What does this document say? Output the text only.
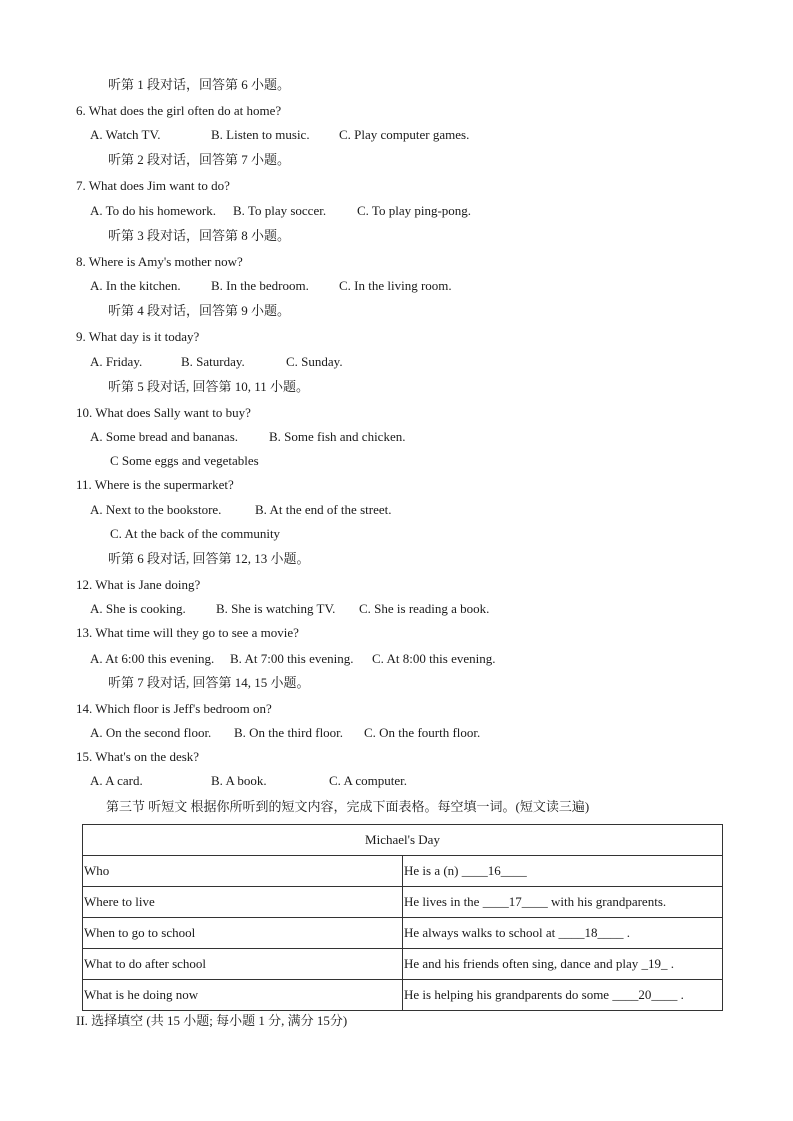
听第 1 段对话，回答第 6 小题。
6. What does the girl often do at home?
A. Watch TV.	B. Listen to music. C. Play computer games.
听第 2 段对话，回答第 7 小题。
7. What does Jim want to do?
A. To do his homework. B. To play soccer. C. To play ping-pong.
听第 3 段对话，回答第 8 小题。
8. Where is Amy's mother now?
A. In the kitchen. B. In the bedroom. C. In the living room.
听第 4 段对话，回答第 9 小题。
9. What day is it today?
A. Friday.	B. Saturday.	C. Sunday.
听第 5 段对话, 回答第 10, 11 小题。
10. What does Sally want to buy?
A. Some bread and bananas. B. Some fish and chicken.
C Some eggs and vegetables
11. Where is the supermarket?
A. Next to the bookstore.	B. At the end of the street.
C. At the back of the community
听第 6 段对话, 回答第 12, 13 小题。
12. What is Jane doing?
A. She is cooking. B. She is watching TV. C. She is reading a book.
13. What time will they go to see a movie?
A. At 6:00 this evening. B. At 7:00 this evening. C. At 8:00 this evening.
听第 7 段对话, 回答第 14, 15 小题。
14. Which floor is Jeff's bedroom on?
A. On the second floor. B. On the third floor. C. On the fourth floor.
15. What's on the desk?
A. A card.	B. A book.	C. A computer.
第三节 听短文 根据你所听到的短文内容，完成下面表格。每空填一词。(短文读三遍)
Michael's Day	
Who	He is a (n) ____16____
Where to live	He lives in the ____17____ with his grandparents.
When to go to school	He always walks to school at ____18____ .
What to do after school	He and his friends often sing, dance and play _19_ .
What is he doing now	He is helping his grandparents do some ____20____ .
II. 选择填空 (共 15 小题; 每小题 1 分, 满分 15分)
